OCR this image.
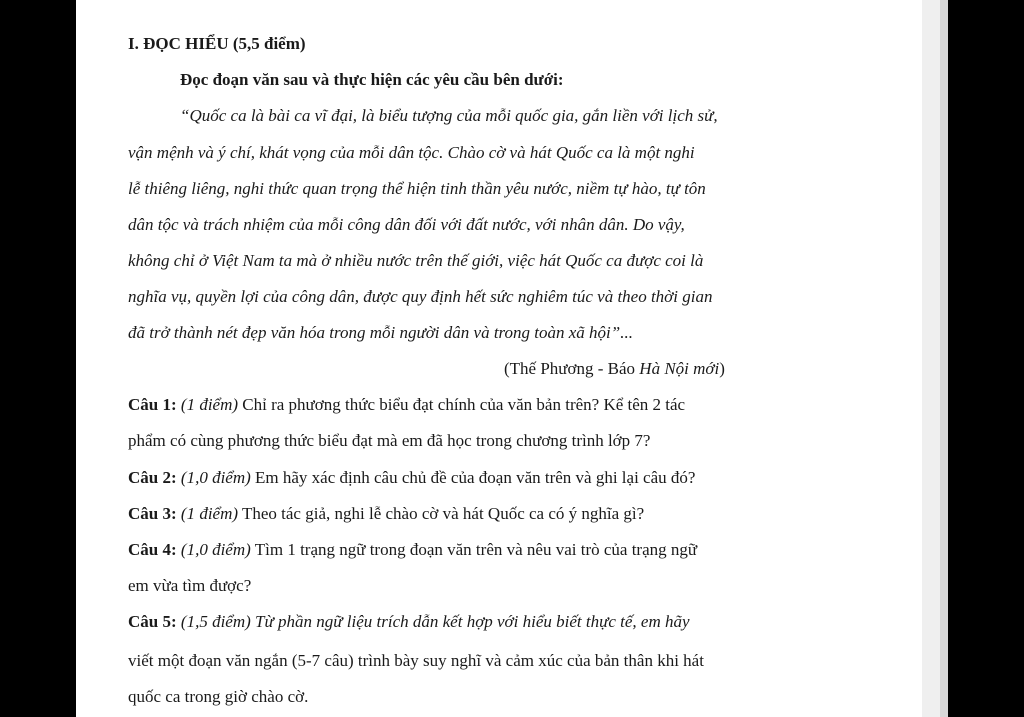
I. ĐỌC HIỂU (5,5 điểm)
Đọc đoạn văn sau và thực hiện các yêu cầu bên dưới:
“Quốc ca là bài ca vĩ đại, là biểu tượng của mỗi quốc gia, gắn liền với lịch sử,
vận mệnh và ý chí, khát vọng của mỗi dân tộc. Chào cờ và hát Quốc ca là một nghi
lễ thiêng liêng, nghi thức quan trọng thể hiện tinh thần yêu nước, niềm tự hào, tự tôn
dân tộc và trách nhiệm của mỗi công dân đối với đất nước, với nhân dân. Do vậy,
không chỉ ở Việt Nam ta mà ở nhiều nước trên thế giới, việc hát Quốc ca được coi là
nghĩa vụ, quyền lợi của công dân, được quy định hết sức nghiêm túc và theo thời gian
đã trở thành nét đẹp văn hóa trong mỗi người dân và trong toàn xã hội”...
(Thế Phương - Báo Hà Nội mới)
Câu 1: (1 điểm) Chỉ ra phương thức biểu đạt chính của văn bản trên? Kể tên 2 tác
phẩm có cùng phương thức biểu đạt mà em đã học trong chương trình lớp 7?
Câu 2: (1,0 điểm) Em hãy xác định câu chủ đề của đoạn văn trên và ghi lại câu đó?
Câu 3: (1 điểm) Theo tác giả, nghi lễ chào cờ và hát Quốc ca có ý nghĩa gì?
Câu 4: (1,0 điểm) Tìm 1 trạng ngữ trong đoạn văn trên và nêu vai trò của trạng ngữ
em vừa tìm được?
Câu 5: (1,5 điểm) Từ phần ngữ liệu trích dẫn kết hợp với hiểu biết thực tế, em hãy
viết một đoạn văn ngắn (5-7 câu) trình bày suy nghĩ và cảm xúc của bản thân khi hát
quốc ca trong giờ chào cờ.
